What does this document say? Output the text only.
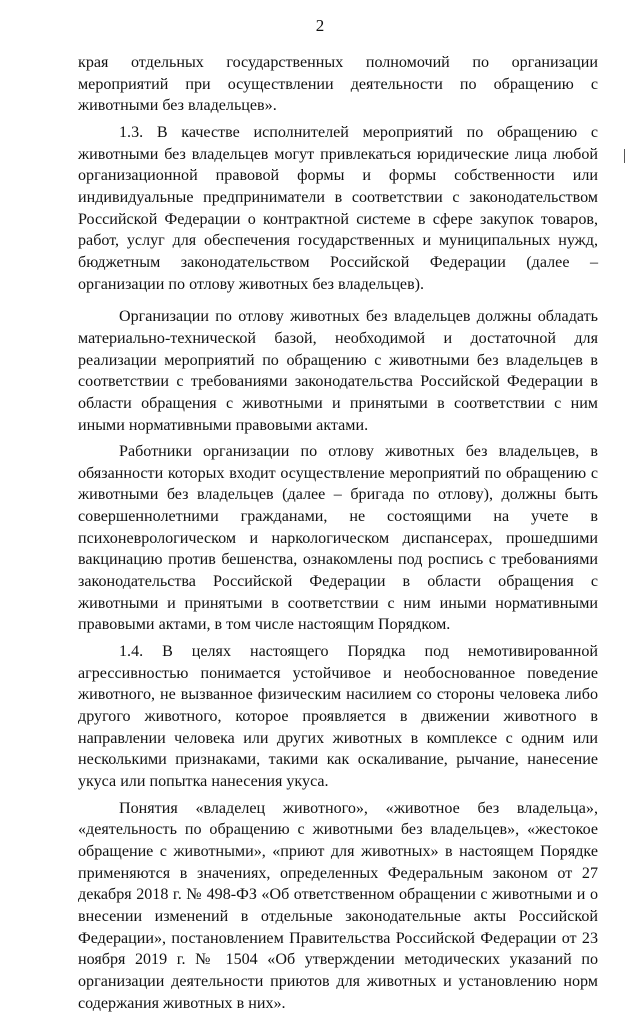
2

края отдельных государственных полномочий по организации мероприятий при осуществлении деятельности по обращению с животными без владельцев».

1.3. В качестве исполнителей мероприятий по обращению с животными без владельцев могут привлекаться юридические лица любой организационной правовой формы и формы собственности или индивидуальные предприниматели в соответствии с законодательством Российской Федерации о контрактной системе в сфере закупок товаров, работ, услуг для обеспечения государственных и муниципальных нужд, бюджетным законодательством Российской Федерации (далее – организации по отлову животных без владельцев).

Организации по отлову животных без владельцев должны обладать материально-технической базой, необходимой и достаточной для реализации мероприятий по обращению с животными без владельцев в соответствии с требованиями законодательства Российской Федерации в области обращения с животными и принятыми в соответствии с ним иными нормативными правовыми актами.

Работники организации по отлову животных без владельцев, в обязанности которых входит осуществление мероприятий по обращению с животными без владельцев (далее – бригада по отлову), должны быть совершеннолетними гражданами, не состоящими на учете в психоневрологическом и наркологическом диспансерах, прошедшими вакцинацию против бешенства, ознакомлены под роспись с требованиями законодательства Российской Федерации в области обращения с животными и принятыми в соответствии с ним иными нормативными правовыми актами, в том числе настоящим Порядком.

1.4. В целях настоящего Порядка под немотивированной агрессивностью понимается устойчивое и необоснованное поведение животного, не вызванное физическим насилием со стороны человека либо другого животного, которое проявляется в движении животного в направлении человека или других животных в комплексе с одним или несколькими признаками, такими как оскаливание, рычание, нанесение укуса или попытка нанесения укуса.

Понятия «владелец животного», «животное без владельца», «деятельность по обращению с животными без владельцев», «жестокое обращение с животными», «приют для животных» в настоящем Порядке применяются в значениях, определенных Федеральным законом от 27 декабря 2018 г. № 498-ФЗ «Об ответственном обращении с животными и о внесении изменений в отдельные законодательные акты Российской Федерации», постановлением Правительства Российской Федерации от 23 ноября 2019 г. № 1504 «Об утверждении методических указаний по организации деятельности приютов для животных и установлению норм содержания животных в них».
